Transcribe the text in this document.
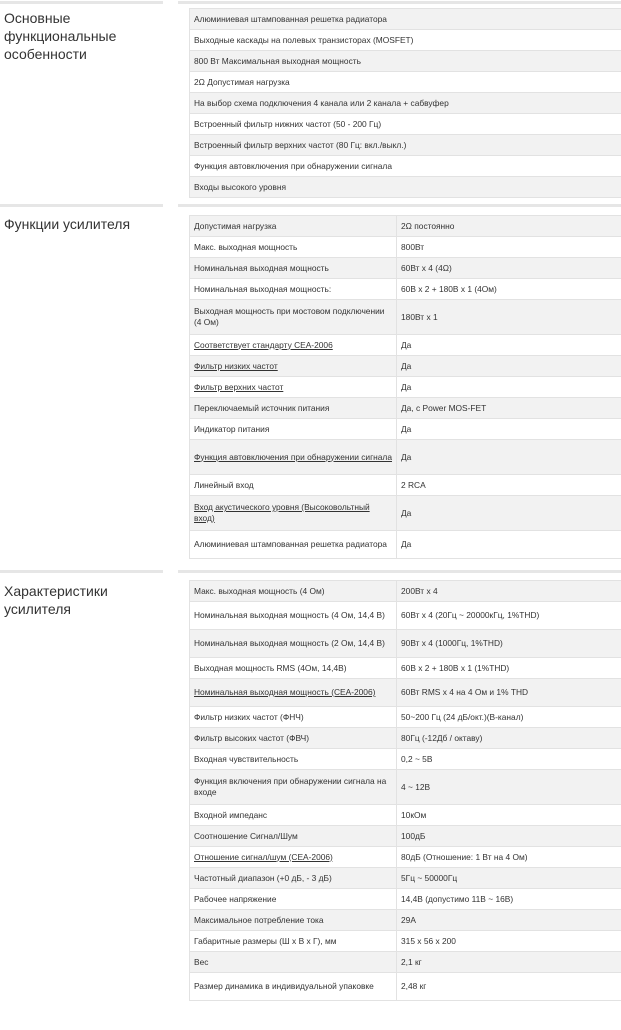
Основные функциональные особенности
Алюминиевая штампованная решетка радиатора
Выходные каскады на полевых транзисторах (MOSFET)
800 Вт Максимальная выходная мощность
2Ω Допустимая нагрузка
На выбор схема подключения 4 канала или 2 канала + сабвуфер
Встроенный фильтр нижних частот (50 - 200 Гц)
Встроенный фильтр верхних частот (80 Гц: вкл./выкл.)
Функция автовключения при обнаружении сигнала
Входы высокого уровня
Функции усилителя	Допустимая нагрузка	2Ω постоянно
Макс. выходная мощность	800Вт
Номинальная выходная мощность	60Вт x 4 (4Ω)
Номинальная выходная мощность:	60В x 2 + 180В x 1 (4Ом)
Выходная мощность при мостовом подключении (4 Ом)	180Вт x 1
Соответствует стандарту CEA-2006	Да
Фильтр низких частот	Да
Фильтр верхних частот	Да
Переключаемый источник питания	Да, с Power MOS-FET
Индикатор питания	Да
Функция автовключения при обнаружении сигнала	Да
Линейный вход	2 RCA
Вход акустического уровня (Высоковольтный вход)	Да
Алюминиевая штампованная решетка радиатора	Да
Характеристики усилителя
Макс. выходная мощность (4 Ом)	200Вт x 4
Номинальная выходная мощность (4 Ом, 14,4 В)	60Вт x 4 (20Гц ~ 20000кГц, 1%THD)
Номинальная выходная мощность (2 Ом, 14,4 В)	90Вт x 4 (1000Гц, 1%THD)
Выходная мощность RMS (4Ом, 14,4В)	60В x 2 + 180В x 1 (1%THD)
Номинальная выходная мощность (CEA-2006)	60Вт RMS x 4 на 4 Ом и 1% THD
Фильтр низких частот (ФНЧ)	50~200 Гц (24 дБ/окт.)(В-канал)
Фильтр высоких частот (ФВЧ)	80Гц (-12Дб / октаву)
Входная чувствительность	0,2 ~ 5В
Функция включения при обнаружении сигнала на входе	4 ~ 12В
Входной импеданс	10кОм
Соотношение Сигнал/Шум	100дБ
Отношение сигнал/шум (CEA-2006)	80дБ (Отношение: 1 Вт на 4 Ом)
Частотный диапазон (+0 дБ, - 3 дБ)	5Гц ~ 50000Гц
Рабочее напряжение	14,4В (допустимо 11В ~ 16В)
Максимальное потребление тока	29А
Габаритные размеры (Ш x В x Г), мм	315 x 56 x 200
Вес	2,1 кг
Размер динамика в индивидуальной упаковке	2,48 кг
